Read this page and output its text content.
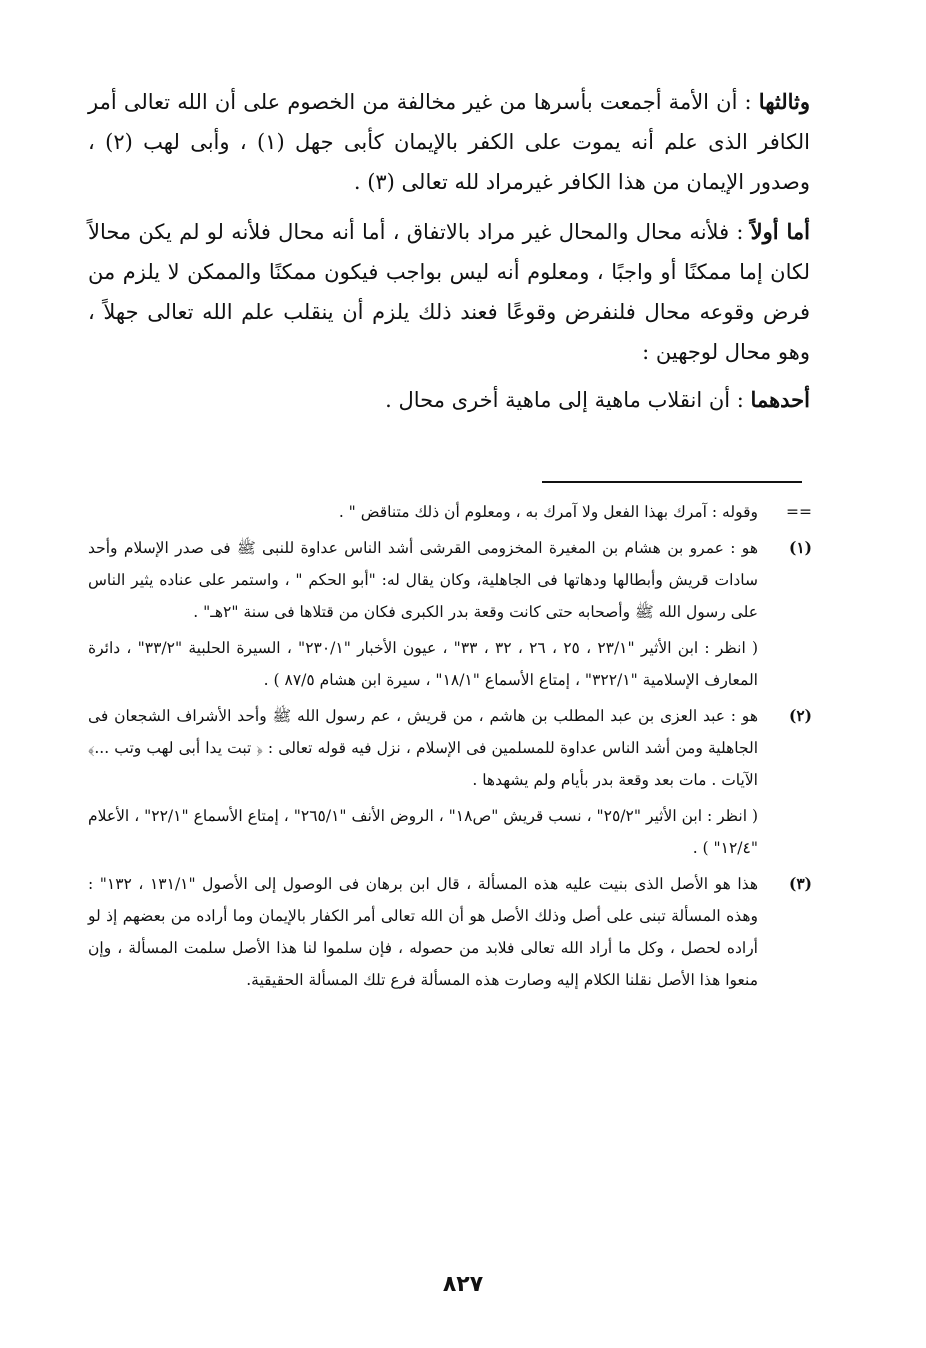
وثالثها : أن الأمة أجمعت بأسرها من غير مخالفة من الخصوم على أن الله تعالى أمر الكافر الذى علم أنه يموت على الكفر بالإيمان كأبى جهل (١) ، وأبى لهب (٢) ، وصدور الإيمان من هذا الكافر غيرمراد لله تعالى (٣) .

أما أولاً : فلأنه محال والمحال غير مراد بالاتفاق ، أما أنه محال فلأنه لو لم يكن محالاً لكان إما ممكنًا أو واجبًا ، ومعلوم أنه ليس بواجب فيكون ممكنًا والممكن لا يلزم من فرض وقوعه محال فلنفرض وقوعًا فعند ذلك يلزم أن ينقلب علم الله تعالى جهلاً ، وهو محال لوجهين :

أحدهما : أن انقلاب ماهية إلى ماهية أخرى محال .

==

وقوله : آمرك بهذا الفعل ولا آمرك به ، ومعلوم أن ذلك متناقض " .

(١)

هو : عمرو بن هشام بن المغيرة المخزومى القرشى أشد الناس عداوة للنبى ﷺ فى صدر الإسلام وأحد سادات قريش وأبطالها ودهاتها فى الجاهلية، وكان يقال له: "أبو الحكم " ، واستمر على عناده يثير الناس على رسول الله ﷺ وأصحابه حتى كانت وقعة بدر الكبرى فكان من قتلاها فى سنة "٢هـ" .

( انظر : ابن الأثير "٢٣/١ ، ٢٥ ، ٢٦ ، ٣٢ ، ٣٣" ، عيون الأخبار "٢٣٠/١" ، السيرة الحلبية "٣٣/٢" ، دائرة المعارف الإسلامية "٣٢٢/١" ، إمتاع الأسماع "١٨/١" ، سيرة ابن هشام ٨٧/٥ ) .

(٢)

هو : عبد العزى بن عبد المطلب بن هاشم ، من قريش ، عم رسول الله ﷺ وأحد الأشراف الشجعان فى الجاهلية ومن أشد الناس عداوة للمسلمين فى الإسلام ، نزل فيه قوله تعالى : ﴿ تبت يدا أبى لهب وتب ...﴾ الآيات . مات بعد وقعة بدر بأيام ولم يشهدها .

( انظر : ابن الأثير "٢٥/٢" ، نسب قريش "ص١٨" ، الروض الأنف "٢٦٥/١" ، إمتاع الأسماع "٢٢/١" ، الأعلام "١٢/٤" ) .

(٣)

هذا هو الأصل الذى بنيت عليه هذه المسألة ، قال ابن برهان فى الوصول إلى الأصول "١٣١/١ ، ١٣٢" : وهذه المسألة تبنى على أصل وذلك الأصل هو أن الله تعالى أمر الكفار بالإيمان وما أراده من بعضهم إذ لو أراده لحصل ، وكل ما أراد الله تعالى فلابد من حصوله ، فإن سلموا لنا هذا الأصل سلمت المسألة ، وإن منعوا هذا الأصل نقلنا الكلام إليه وصارت هذه المسألة فرع تلك المسألة الحقيقية.

٨٢٧
